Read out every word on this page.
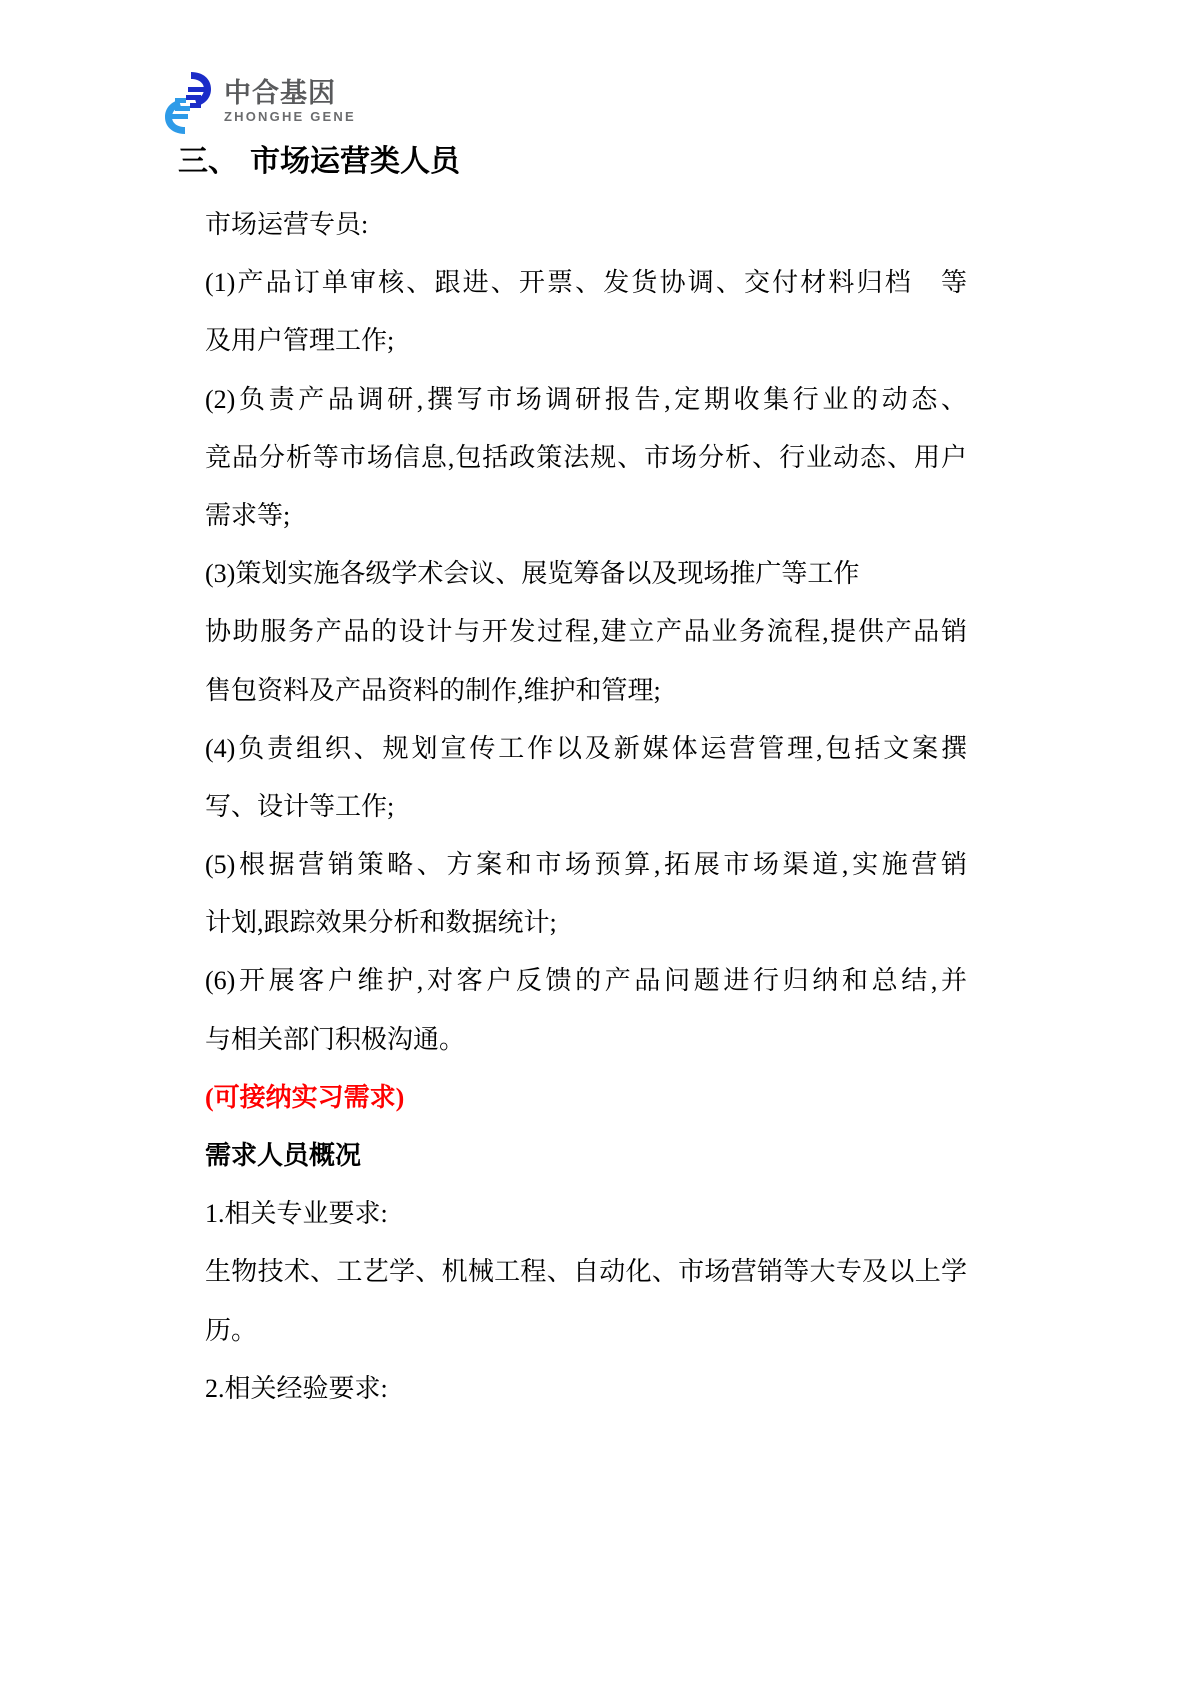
中合基因
ZHONGHE GENE
三、 市场运营类人员

市场运营专员:

(1)产品订单审核、跟进、开票、发货协调、交付材料归档　等

及用户管理工作;

(2)负责产品调研,撰写市场调研报告,定期收集行业的动态、

竞品分析等市场信息,包括政策法规、市场分析、行业动态、用户

需求等;

(3)策划实施各级学术会议、展览筹备以及现场推广等工作

协助服务产品的设计与开发过程,建立产品业务流程,提供产品销

售包资料及产品资料的制作,维护和管理;

(4)负责组织、规划宣传工作以及新媒体运营管理,包括文案撰

写、设计等工作;

(5)根据营销策略、方案和市场预算,拓展市场渠道,实施营销

计划,跟踪效果分析和数据统计;

(6)开展客户维护,对客户反馈的产品问题进行归纳和总结,并

与相关部门积极沟通。

(可接纳实习需求)

需求人员概况

1.相关专业要求:

生物技术、工艺学、机械工程、自动化、市场营销等大专及以上学

历。

2.相关经验要求:
